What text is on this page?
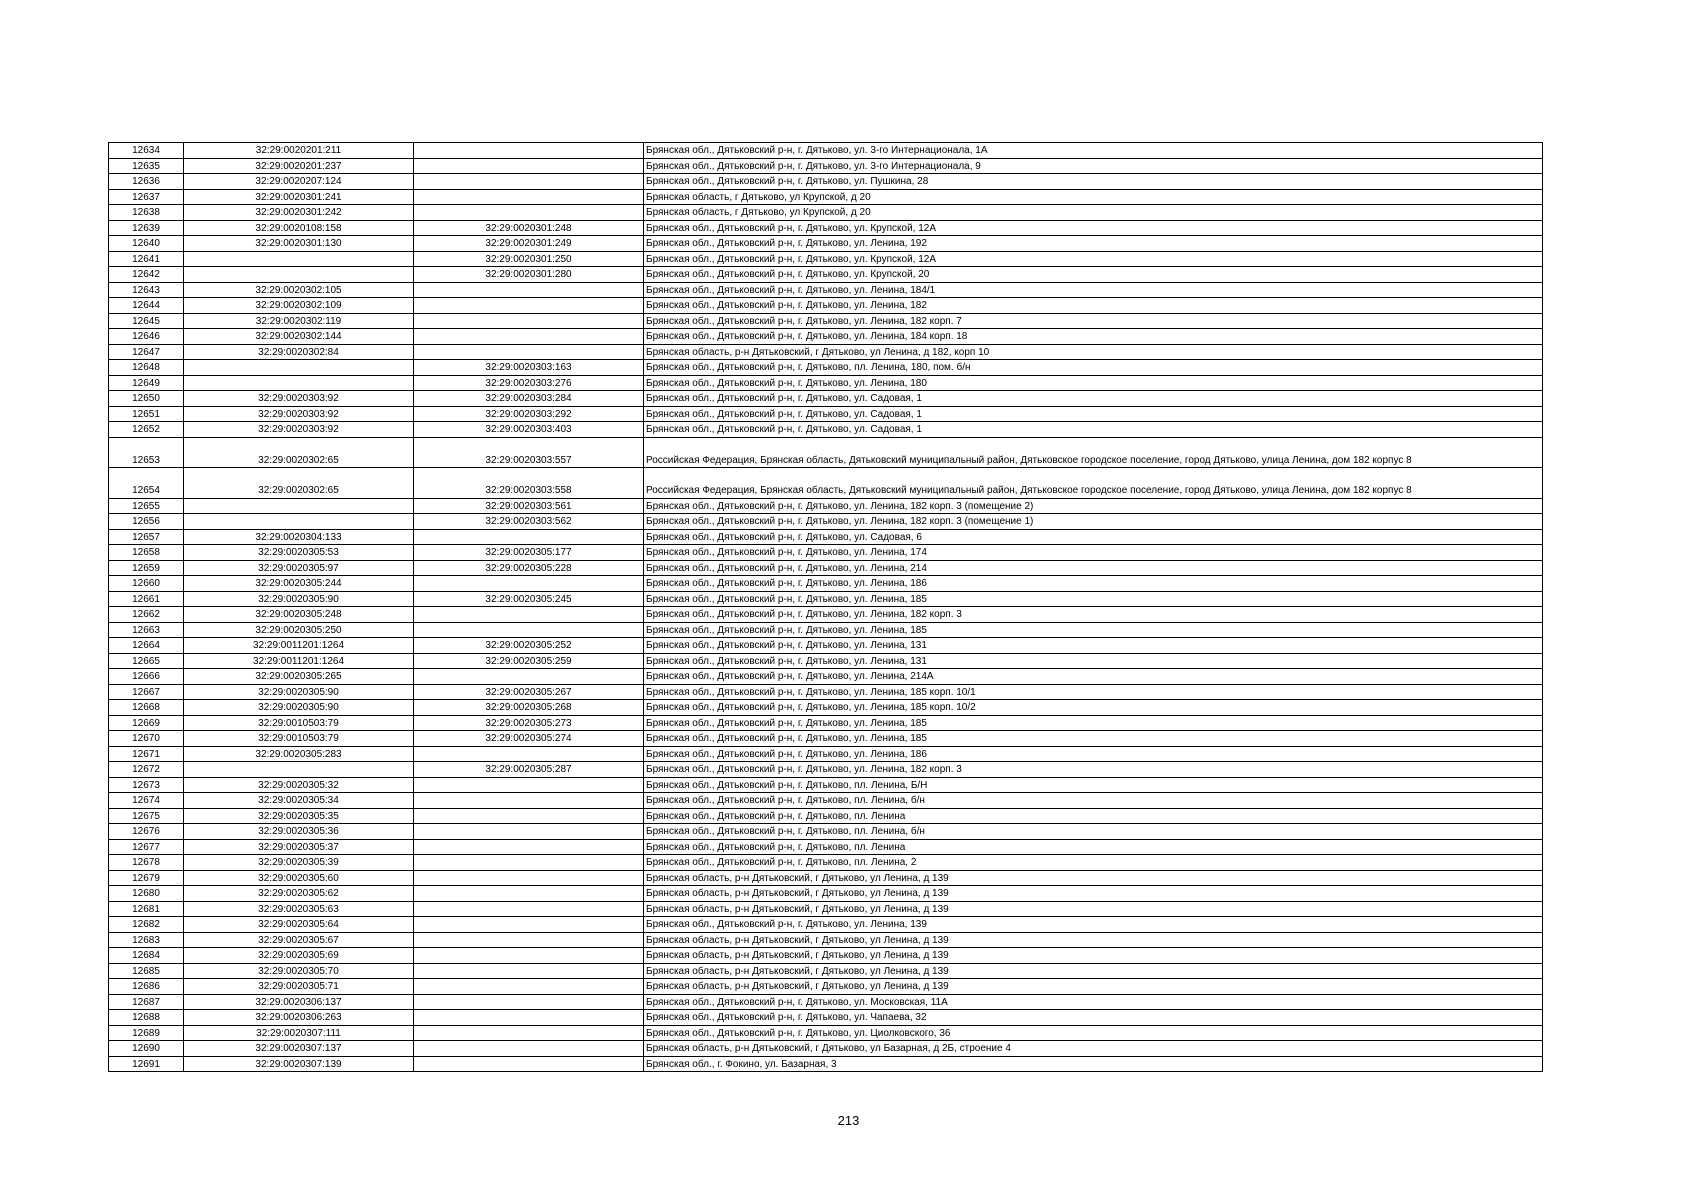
12634	32:29:0020201:211		Брянская обл., Дятьковский р-н, г. Дятьково, ул. 3-го Интернационала, 1А
12635	32:29:0020201:237		Брянская обл., Дятьковский р-н, г. Дятьково, ул. 3-го Интернационала, 9
12636	32:29:0020207:124		Брянская обл., Дятьковский р-н, г. Дятьково, ул. Пушкина, 28
12637	32:29:0020301:241		Брянская область, г Дятьково, ул Крупской, д 20
12638	32:29:0020301:242		Брянская область, г Дятьково, ул Крупской, д 20
12639	32:29:0020108:158	32:29:0020301:248	Брянская обл., Дятьковский р-н, г. Дятьково, ул. Крупской, 12А
12640	32:29:0020301:130	32:29:0020301:249	Брянская обл., Дятьковский р-н, г. Дятьково, ул. Ленина, 192
12641		32:29:0020301:250	Брянская обл., Дятьковский р-н, г. Дятьково, ул. Крупской, 12А
12642		32:29:0020301:280	Брянская обл., Дятьковский р-н, г. Дятьково, ул. Крупской, 20
12643	32:29:0020302:105		Брянская обл., Дятьковский р-н, г. Дятьково, ул. Ленина, 184/1
12644	32:29:0020302:109		Брянская обл., Дятьковский р-н, г. Дятьково, ул. Ленина, 182
12645	32:29:0020302:119		Брянская обл., Дятьковский р-н, г. Дятьково, ул. Ленина, 182 корп. 7
12646	32:29:0020302:144		Брянская обл., Дятьковский р-н, г. Дятьково, ул. Ленина, 184 корп. 18
12647	32:29:0020302:84		Брянская область, р-н Дятьковский, г Дятьково, ул Ленина, д 182, корп 10
12648		32:29:0020303:163	Брянская обл., Дятьковский р-н, г. Дятьково, пл. Ленина, 180, пом. б/н
12649		32:29:0020303:276	Брянская обл., Дятьковский р-н, г. Дятьково, ул. Ленина, 180
12650	32:29:0020303:92	32:29:0020303:284	Брянская обл., Дятьковский р-н, г. Дятьково, ул. Садовая, 1
12651	32:29:0020303:92	32:29:0020303:292	Брянская обл., Дятьковский р-н, г. Дятьково, ул. Садовая, 1
12652	32:29:0020303:92	32:29:0020303:403	Брянская обл., Дятьковский р-н, г. Дятьково, ул. Садовая, 1
12653	32:29:0020302:65	32:29:0020303:557	Российская Федерация, Брянская область, Дятьковский муниципальный район, Дятьковское городское поселение, город Дятьково, улица Ленина, дом 182 корпус 8
12654	32:29:0020302:65	32:29:0020303:558	Российская Федерация, Брянская область, Дятьковский муниципальный район, Дятьковское городское поселение, город Дятьково, улица Ленина, дом 182 корпус 8
12655		32:29:0020303:561	Брянская обл., Дятьковский р-н, г. Дятьково, ул. Ленина, 182 корп. 3 (помещение 2)
12656		32:29:0020303:562	Брянская обл., Дятьковский р-н, г. Дятьково, ул. Ленина, 182 корп. 3 (помещение 1)
12657	32:29:0020304:133		Брянская обл., Дятьковский р-н, г. Дятьково, ул. Садовая, 6
12658	32:29:0020305:53	32:29:0020305:177	Брянская обл., Дятьковский р-н, г. Дятьково, ул. Ленина, 174
12659	32:29:0020305:97	32:29:0020305:228	Брянская обл., Дятьковский р-н, г. Дятьково, ул. Ленина, 214
12660	32:29:0020305:244		Брянская обл., Дятьковский р-н, г. Дятьково, ул. Ленина, 186
12661	32:29:0020305:90	32:29:0020305:245	Брянская обл., Дятьковский р-н, г. Дятьково, ул. Ленина, 185
12662	32:29:0020305:248		Брянская обл., Дятьковский р-н, г. Дятьково, ул. Ленина, 182 корп. 3
12663	32:29:0020305:250		Брянская обл., Дятьковский р-н, г. Дятьково, ул. Ленина, 185
12664	32:29:0011201:1264	32:29:0020305:252	Брянская обл., Дятьковский р-н, г. Дятьково, ул. Ленина, 131
12665	32:29:0011201:1264	32:29:0020305:259	Брянская обл., Дятьковский р-н, г. Дятьково, ул. Ленина, 131
12666	32:29:0020305:265		Брянская обл., Дятьковский р-н, г. Дятьково, ул. Ленина, 214А
12667	32:29:0020305:90	32:29:0020305:267	Брянская обл., Дятьковский р-н, г. Дятьково, ул. Ленина, 185 корп. 10/1
12668	32:29:0020305:90	32:29:0020305:268	Брянская обл., Дятьковский р-н, г. Дятьково, ул. Ленина, 185 корп. 10/2
12669	32:29:0010503:79	32:29:0020305:273	Брянская обл., Дятьковский р-н, г. Дятьково, ул. Ленина, 185
12670	32:29:0010503:79	32:29:0020305:274	Брянская обл., Дятьковский р-н, г. Дятьково, ул. Ленина, 185
12671	32:29:0020305:283		Брянская обл., Дятьковский р-н, г. Дятьково, ул. Ленина, 186
12672		32:29:0020305:287	Брянская обл., Дятьковский р-н, г. Дятьково, ул. Ленина, 182 корп. 3
12673	32:29:0020305:32		Брянская обл., Дятьковский р-н, г. Дятьково, пл. Ленина, Б/Н
12674	32:29:0020305:34		Брянская обл., Дятьковский р-н, г. Дятьково, пл. Ленина, б/н
12675	32:29:0020305:35		Брянская обл., Дятьковский р-н, г. Дятьково, пл. Ленина
12676	32:29:0020305:36		Брянская обл., Дятьковский р-н, г. Дятьково, пл. Ленина, б/н
12677	32:29:0020305:37		Брянская обл., Дятьковский р-н, г. Дятьково, пл. Ленина
12678	32:29:0020305:39		Брянская обл., Дятьковский р-н, г. Дятьково, пл. Ленина, 2
12679	32:29:0020305:60		Брянская область, р-н Дятьковский, г Дятьково, ул Ленина, д 139
12680	32:29:0020305:62		Брянская область, р-н Дятьковский, г Дятьково, ул Ленина, д 139
12681	32:29:0020305:63		Брянская область, р-н Дятьковский, г Дятьково, ул Ленина, д 139
12682	32:29:0020305:64		Брянская обл., Дятьковский р-н, г. Дятьково, ул. Ленина, 139
12683	32:29:0020305:67		Брянская область, р-н Дятьковский, г Дятьково, ул Ленина, д 139
12684	32:29:0020305:69		Брянская область, р-н Дятьковский, г Дятьково, ул Ленина, д 139
12685	32:29:0020305:70		Брянская область, р-н Дятьковский, г Дятьково, ул Ленина, д 139
12686	32:29:0020305:71		Брянская область, р-н Дятьковский, г Дятьково, ул Ленина, д 139
12687	32:29:0020306:137		Брянская обл., Дятьковский р-н, г. Дятьково, ул. Московская, 11А
12688	32:29:0020306:263		Брянская обл., Дятьковский р-н, г. Дятьково, ул. Чапаева, 32
12689	32:29:0020307:111		Брянская обл., Дятьковский р-н, г. Дятьково, ул. Циолковского, 36
12690	32:29:0020307:137		Брянская область, р-н Дятьковский, г Дятьково, ул Базарная, д 2Б, строение 4
12691	32:29:0020307:139		Брянская обл., г. Фокино, ул. Базарная, 3
213
